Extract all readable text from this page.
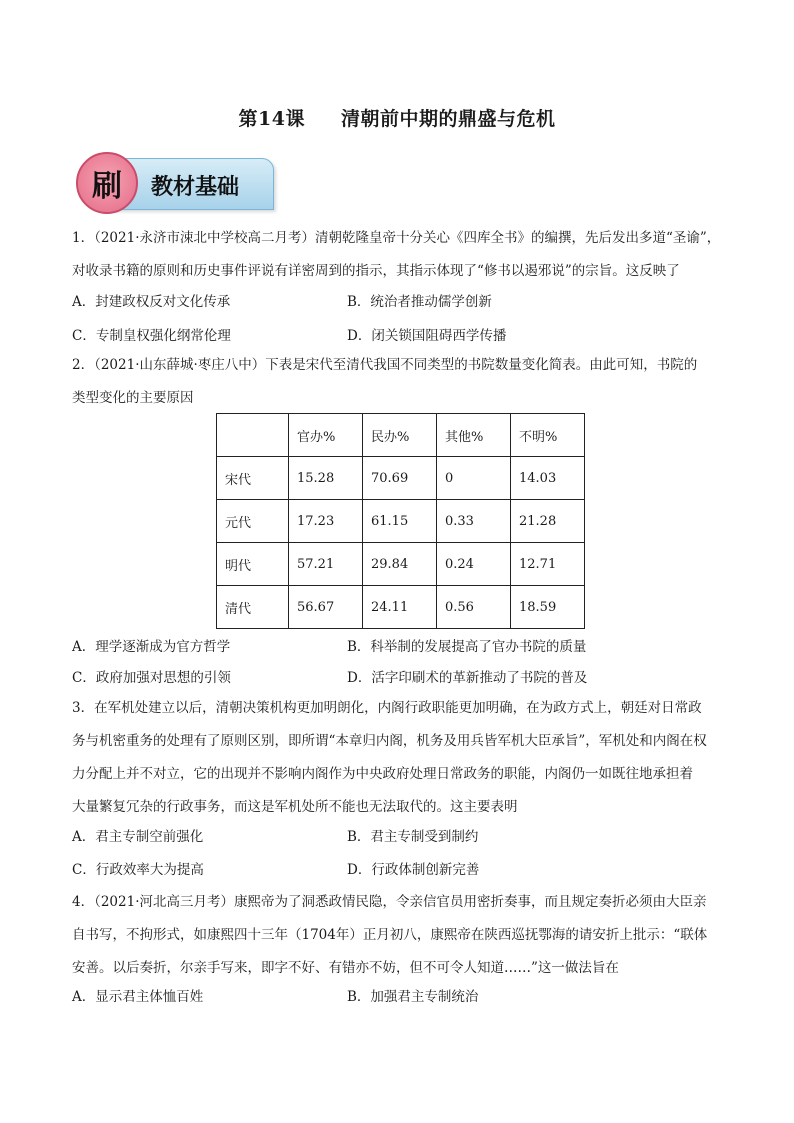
第14课 清朝前中期的鼎盛与危机
教材基础
刷

1．（2021·永济市涑北中学校高二月考）清朝乾隆皇帝十分关心《四库全书》的编撰，先后发出多道“圣谕”，

对收录书籍的原则和历史事件评说有详密周到的指示，其指示体现了“修书以遏邪说”的宗旨。这反映了

A．封建政权反对文化传承	B．统治者推动儒学创新
C．专制皇权强化纲常伦理	D．闭关锁国阻碍西学传播

2．（2021·山东薛城·枣庄八中）下表是宋代至清代我国不同类型的书院数量变化简表。由此可知，书院的

类型变化的主要原因

	官办%	民办%	其他%	不明%
宋代	15.28	70.69	0	14.03
元代	17.23	61.15	0.33	21.28
明代	57.21	29.84	0.24	12.71
清代	56.67	24.11	0.56	18.59
A．理学逐渐成为官方哲学	B．科举制的发展提高了官办书院的质量
C．政府加强对思想的引领	D．活字印刷术的革新推动了书院的普及

3．在军机处建立以后，清朝决策机构更加明朗化，内阁行政职能更加明确，在为政方式上，朝廷对日常政

务与机密重务的处理有了原则区别，即所谓“本章归内阁，机务及用兵皆军机大臣承旨”，军机处和内阁在权

力分配上并不对立，它的出现并不影响内阁作为中央政府处理日常政务的职能，内阁仍一如既往地承担着

大量繁复冗杂的行政事务，而这是军机处所不能也无法取代的。这主要表明

A．君主专制空前强化	B．君主专制受到制约
C．行政效率大为提高	D．行政体制创新完善

4．（2021·河北高三月考）康熙帝为了洞悉政情民隐，令亲信官员用密折奏事，而且规定奏折必须由大臣亲

自书写，不拘形式，如康熙四十三年（1704年）正月初八，康熙帝在陕西巡抚鄂海的请安折上批示：“联体

安善。以后奏折，尔亲手写来，即字不好、有错亦不妨，但不可令人知道……”这一做法旨在

A．显示君主体恤百姓	B．加强君主专制统治
